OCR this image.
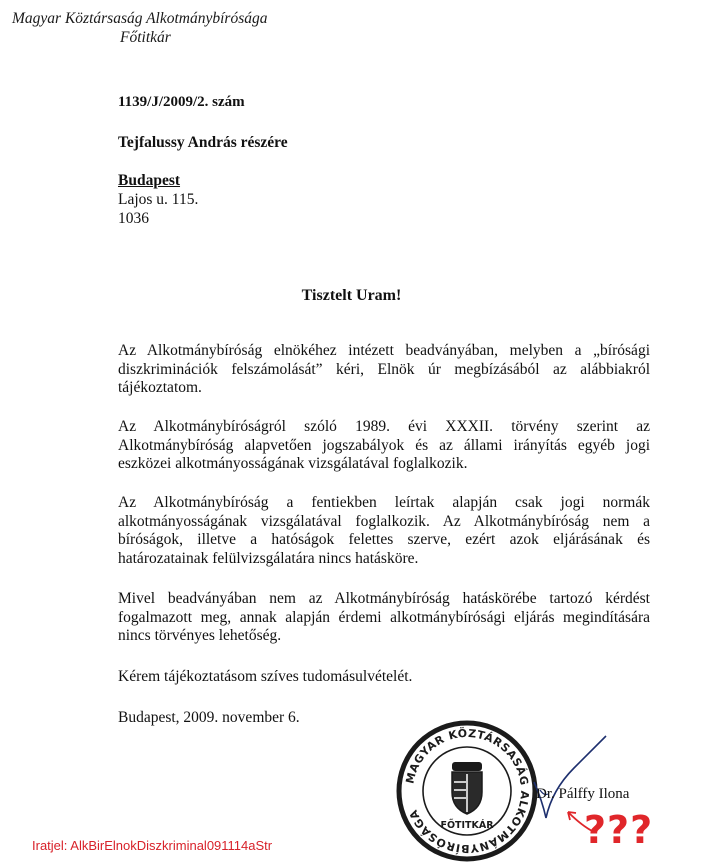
Magyar Köztársaság Alkotmánybírósága
Főtitkár
1139/J/2009/2. szám
Tejfalussy András részére
Budapest
Lajos u. 115.
1036
Tisztelt Uram!

Az Alkotmánybíróság elnökéhez intézett beadványában, melyben a „bírósági diszkriminációk felszámolását” kéri, Elnök úr megbízásából az alábbiakról tájékoztatom.

Az Alkotmánybíróságról szóló 1989. évi XXXII. törvény szerint az Alkotmánybíróság alapvetően jogszabályok és az állami irányítás egyéb jogi eszközei alkotmányosságának vizsgálatával foglalkozik.

Az Alkotmánybíróság a fentiekben leírtak alapján csak jogi normák alkotmányosságának vizsgálatával foglalkozik. Az Alkotmánybíróság nem a bíróságok, illetve a hatóságok felettes szerve, ezért azok eljárásának és határozatainak felülvizsgálatára nincs hatásköre.

Mivel beadványában nem az Alkotmánybíróság hatáskörébe tartozó kérdést fogalmazott meg, annak alapján érdemi alkotmánybírósági eljárás megindítására nincs törvényes lehetőség.

Kérem tájékoztatásom szíves tudomásulvételét.
Budapest, 2009. november 6.
MAGYAR KÖZTÁRSASÁG ALKOTMÁNYBÍRÓSÁGA
FŐTITKÁR
Dr. Pálffy Ilona
???
Iratjel: AlkBirElnokDiszkriminal091114aStr
